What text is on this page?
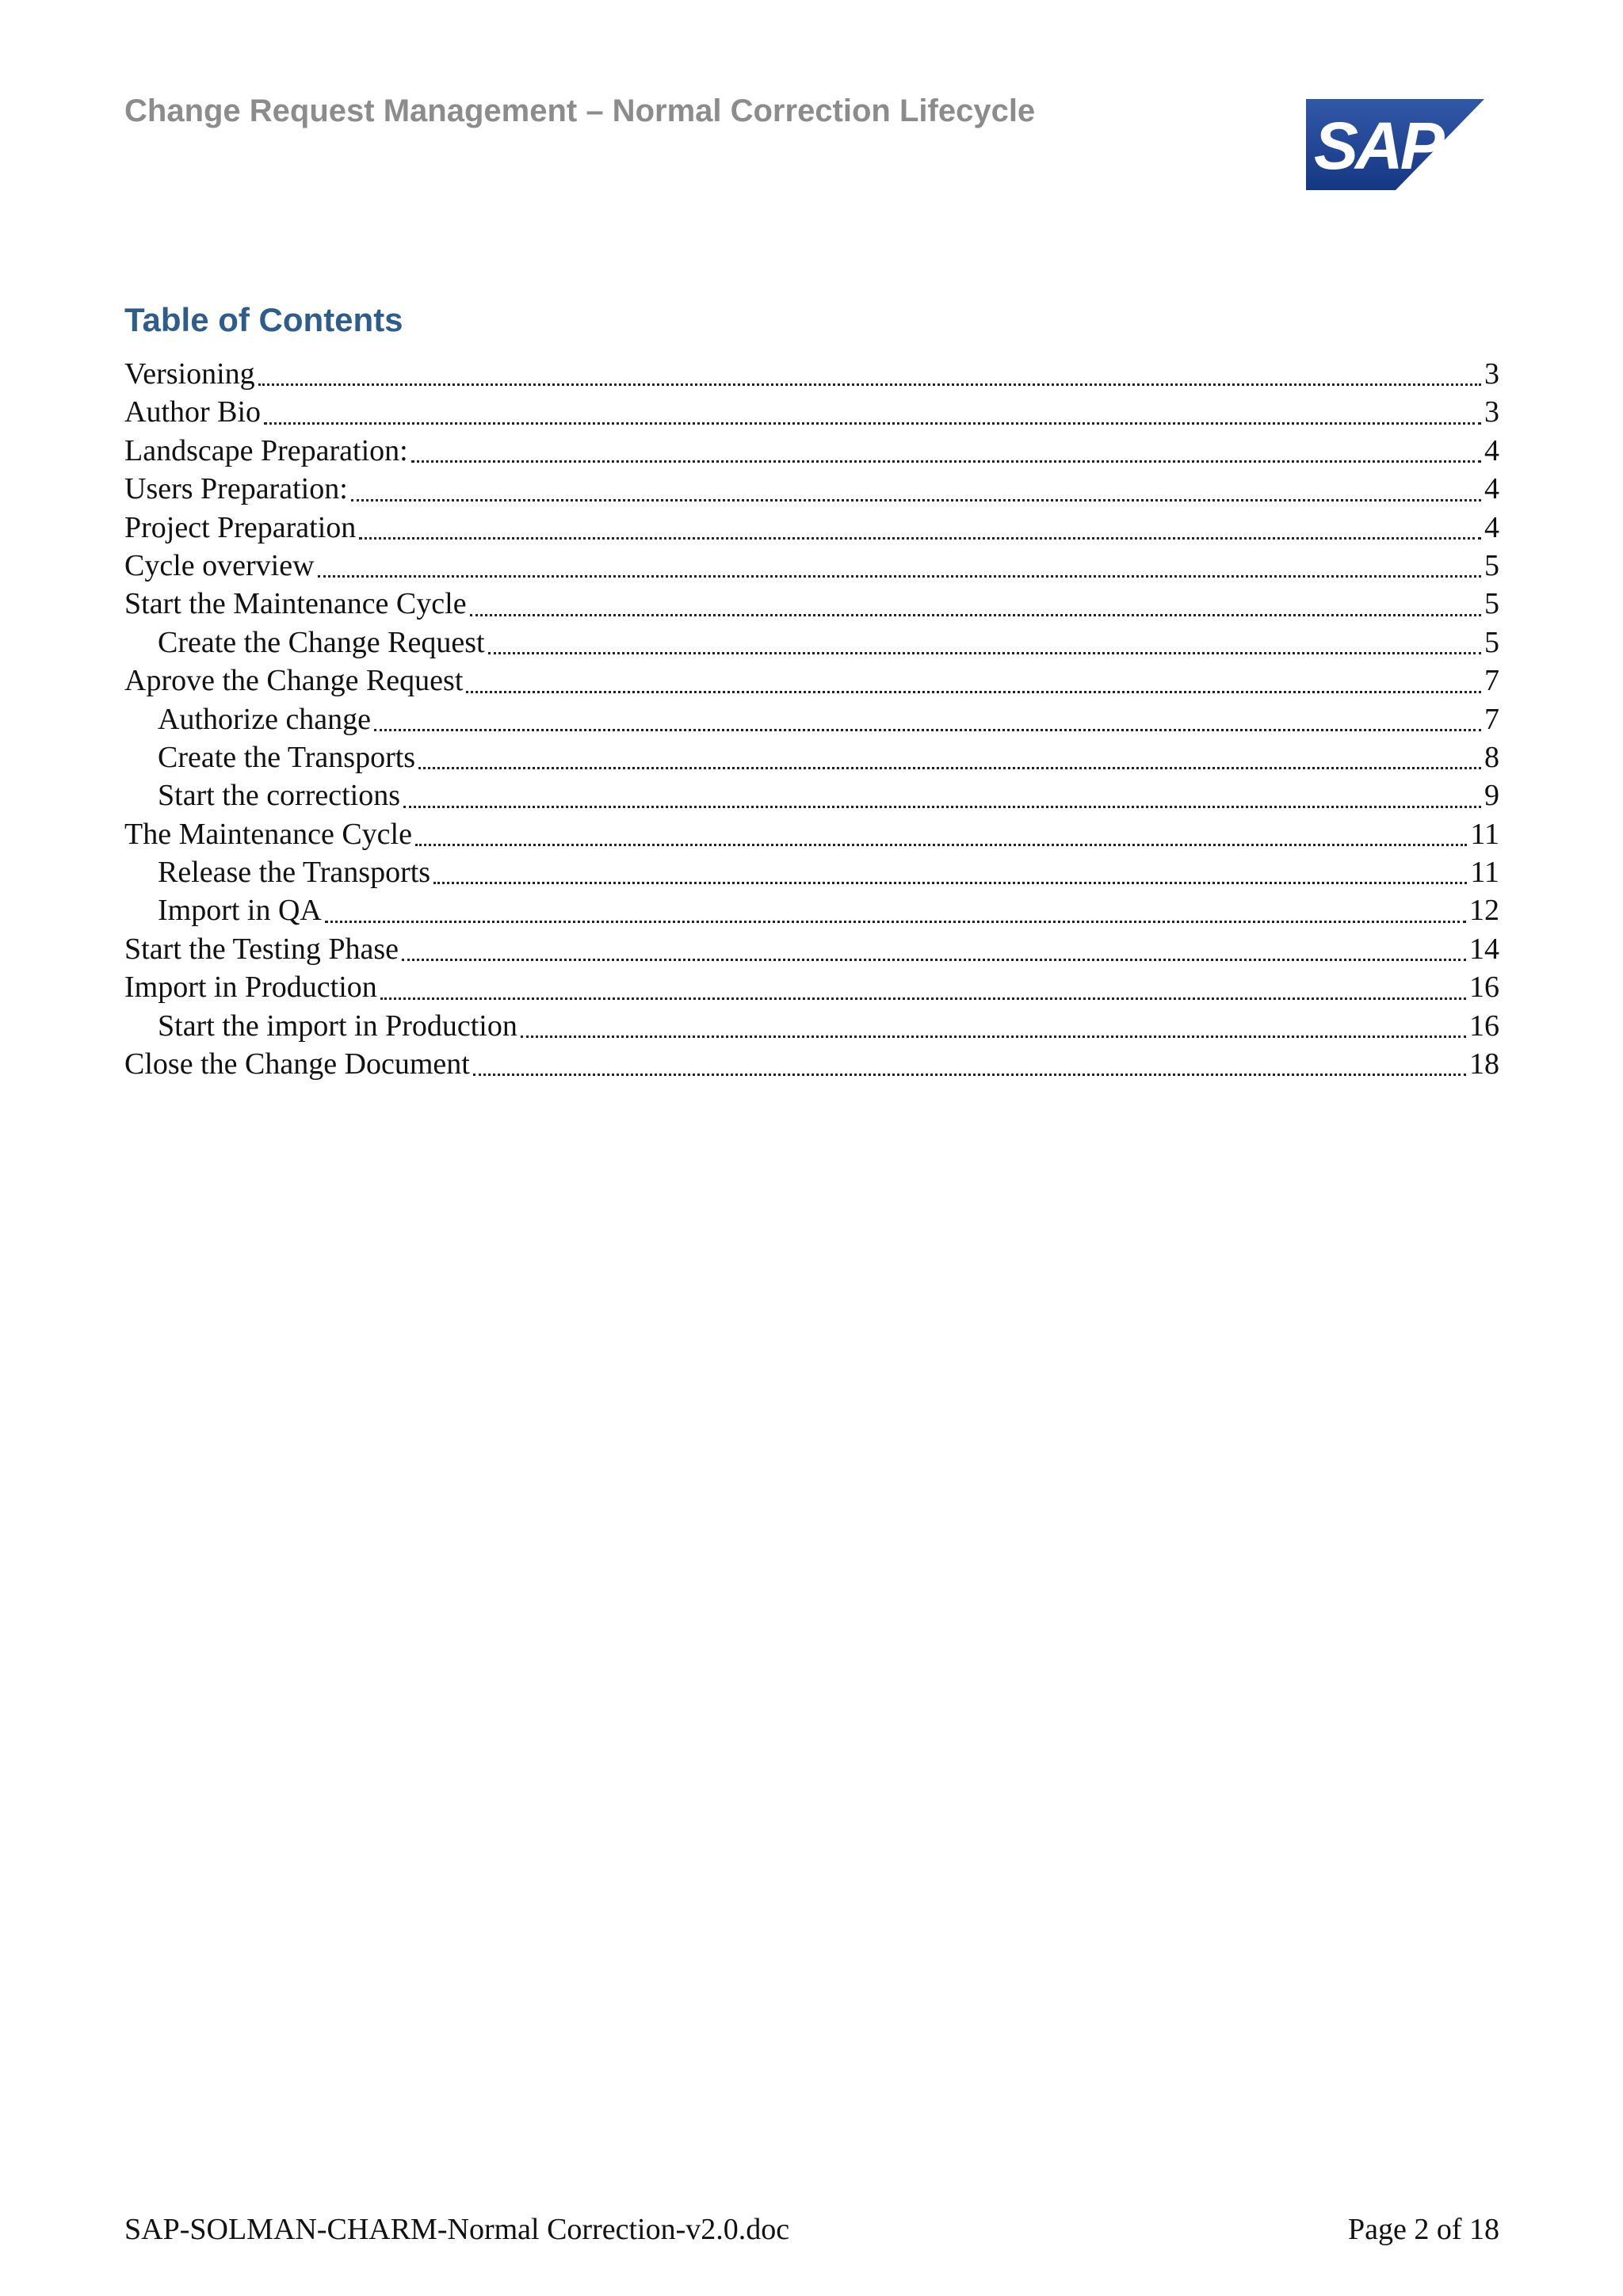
Change Request Management – Normal Correction Lifecycle	SAP
Table of Contents
Versioning	3
Author Bio	3
Landscape Preparation:	4
Users Preparation:	4
Project Preparation	4
Cycle overview	5
Start the Maintenance Cycle	5
Create the Change Request	5
Aprove the Change Request	7
Authorize change	7
Create the Transports	8
Start the corrections	9
The Maintenance Cycle	11
Release the Transports	11
Import in QA	12
Start the Testing Phase	14
Import in Production	16
Start the import in Production	16
Close the Change Document	18
SAP-SOLMAN-CHARM-Normal Correction-v2.0.doc	Page 2 of 18
